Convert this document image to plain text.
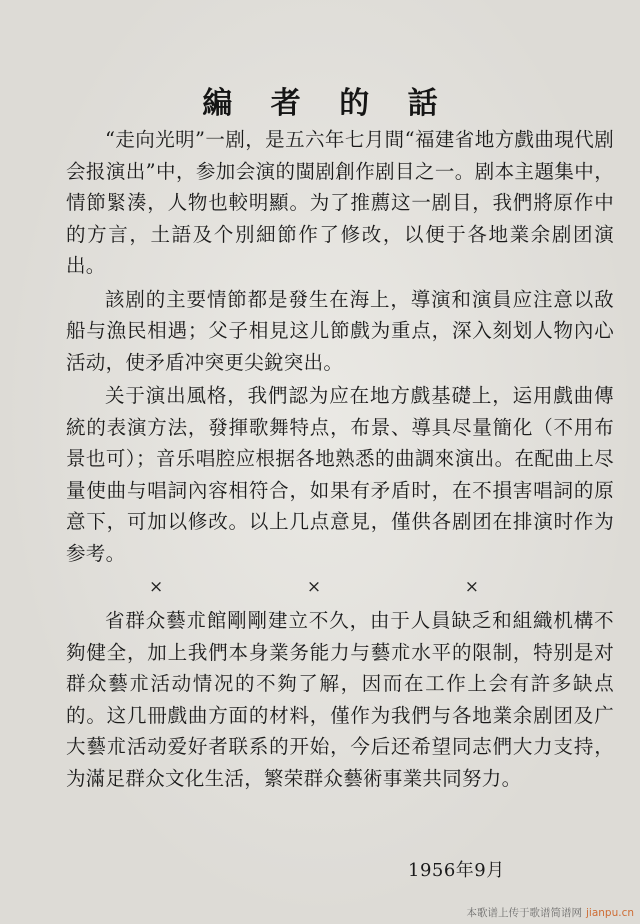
編 者 的 話

“走向光明”一剧，是五六年七月間“福建省地方戲曲現代剧会报演出”中，参加会演的閩剧創作剧目之一。剧本主題集中，情節緊湊，人物也較明顯。为了推薦这一剧目，我們將原作中的方言，土語及个別細節作了修改，以便于各地業余剧团演出。

該剧的主要情節都是發生在海上，導演和演員应注意以敌船与漁民相遇；父子相見这儿節戲为重点，深入刻划人物內心活动，使矛盾冲突更尖銳突出。

关于演出風格，我們認为应在地方戲基礎上，运用戲曲傳統的表演方法，發揮歌舞特点，布景、導具尽量簡化（不用布景也可）；音乐唱腔应根据各地熟悉的曲調來演出。在配曲上尽量使曲与唱詞內容相符合，如果有矛盾时，在不損害唱詞的原意下，可加以修改。以上几点意見，僅供各剧团在排演时作为参考。

×	×	×

省群众藝朮館剛剛建立不久，由于人員缺乏和組織机構不夠健全，加上我們本身業务能力与藝朮水平的限制，特别是对群众藝朮活动情况的不夠了解，因而在工作上会有許多缺点的。这几冊戲曲方面的材料，僅作为我們与各地業余剧团及广大藝朮活动爱好者联系的开始，今后还希望同志們大力支持，为滿足群众文化生活，繁荣群众藝術事業共同努力。

1956年9月
本歌谱上传于歌谱简谱网 jianpu.cn
